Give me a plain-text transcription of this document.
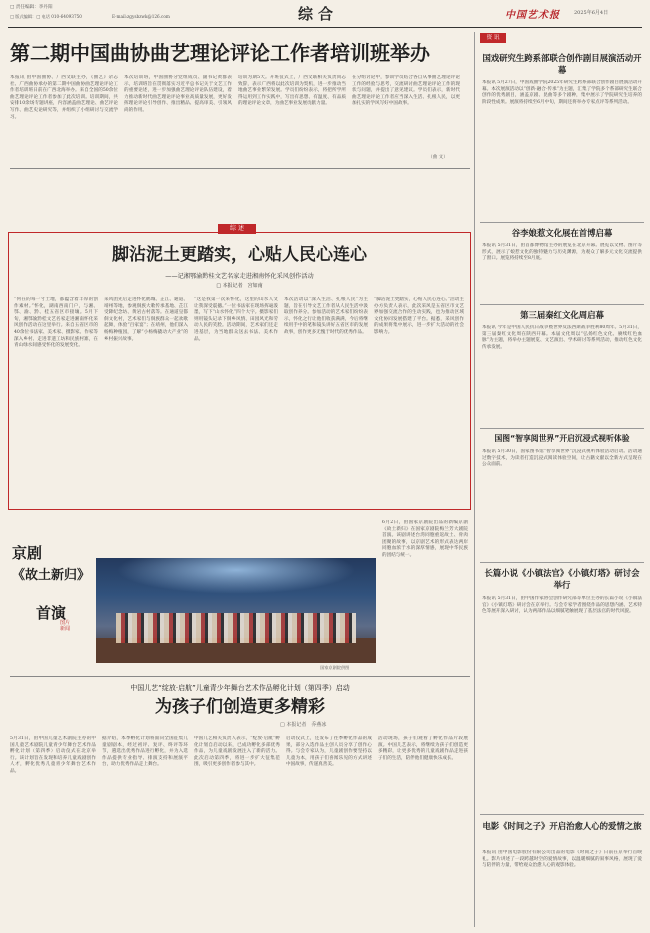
□ 责任编辑：李丹阳
□ 版式编辑：□ 电话 010-64093750	E-mail:zgysbzwk@126.com	综合	中国艺术报	2025年6月4日
第二期中国曲协曲艺理论评论工作者培训班举办
本报讯 由中国曲协、广西文联主办，《曲艺》杂志社、广西曲协承办的第二期中国曲协曲艺理论评论工作者培训班日前在广西北海举办。来自全国的50余位曲艺理论评论工作者参加了此次培训。培训期间，共安排10余场专题讲座，内容涵盖曲艺理论、曲艺评论写作、曲艺史论研究等，并组织了小组研讨与交流学习。
本次培训班，中国曲协分党组成员、副书记黄群表示，培训班旨在贯彻落实习近平总书记关于文艺工作的重要论述，进一步加强曲艺理论评论队伍建设，着力推动新时代曲艺理论评论事业高质量发展，更好发挥理论评论引导创作、推出精品、提高审美、引领风尚的作用。
培训为期5天。开班仪式上，广西文联相关负责同志致辞，表示广西将以此次培训为契机，进一步推动当地曲艺事业繁荣发展。学员们纷纷表示，将把所学所得运用到工作实践中，写出有思想、有温度、有品质的理论评论文章，为曲艺事业发展贡献力量。
在分组讨论中，参训学员结合各自从事曲艺理论评论工作的经验与思考，交流研讨曲艺理论评论工作的现状与问题，并提出了意见建议。学员们表示，新时代曲艺理论评论工作者应当深入生活、扎根人民，以更加扎实的学风写好中国故事。
（曲 文）
综 述
脚沾泥土更踏实，心贴人民心连心
——记湘鄂渝黔桂文艺名家走进湘南怀化采风创作活动
□ 本报记者　宫如南
“何在的每一寸土地，都蕴含着丰厚的创作素材。”怀化，湖南西南门户，与湘、鄂、渝、黔、桂五省区市接壤。5月下旬，湘鄂渝黔桂文艺名家走进湘南怀化采风创作活动在这里举行。来自五省区市的40余位书法家、美术家、摄影家、作家等深入乡村、走进非遗工坊和民族村寨，在青山绿水间感受怀化的发展变化。
采风团先后走进怀化鹤城、芷江、通道、靖州等地，参观侗族大歌传承基地、芷江受降纪念坊、黄岩古村落等。在通道皇都侗文化村，艺术家们与侗族群众一起欢歌起舞，体验“百家宴”；在靖州，他们深入杨梅种植园，了解“小杨梅撬动大产业”的乡村振兴故事。
“这是我第一次来怀化，这里的山水人文让我深受震撼。”一位书法家在现场挥毫泼墨，写下“山水怀化”四个大字。摄影家们则用镜头记录下侗乡风情、田园风光和劳动人民的笑脸。活动期间，艺术家们还走进基层，为当地群众送去书法、美术作品。
本次活动以“深入生活、扎根人民”为主题，旨在引导文艺工作者从人民生活中汲取创作养分。参加活动的艺术家们纷纷表示，怀化之行让他们收获满满，今后将继续用手中的笔和镜头讲好五省区市的发展故事，创作更多无愧于时代的优秀作品。
“脚沾泥土更踏实，心贴人民心连心。”活动主办方负责人表示，此次采风是五省区市文艺界加强交流合作的生动实践，也为推动区域文化协同发展搭建了平台。据悉，采风创作的成果将集中展示，进一步扩大活动的社会影响力。
京剧
《故土新归》
首演
图片新闻
国家京剧院供图
6月2日，由国家京剧院出品的新编京剧《故土新归》在国家京剧院梅兰芳大剧院首演。该剧讲述台湾同胞重返故土、骨肉团聚的故事，以京剧艺术的形式表达两岸同胞血浓于水的深厚情感，展现中华民族的团结与统一。
中国儿艺“绽放·启航”儿童青少年舞台艺术作品孵化计划（第四季）启动
为孩子们创造更多精彩
□ 本报记者　乔燕冰
5月31日，由中国儿童艺术剧院主办的中国儿童艺术剧院儿童青少年舞台艺术作品孵化计划（第四季）启动仪式在北京举行。该计划旨在发现和培养儿童戏剧创作人才，孵化优秀儿童青少年舞台艺术作品。
据介绍，本季孵化计划将面向全国征集儿童剧剧本，经过初评、复评、终评等环节，遴选出优秀作品进行孵化，并为入选作品提供专业指导、排演支持和展演平台，助力优秀作品走上舞台。
中国儿艺相关负责人表示，“绽放·启航”孵化计划自启动以来，已成功孵化多部优秀作品，为儿童戏剧发展注入了新的活力。此次启动第四季，将进一步扩大征集范围，吸引更多创作者参与其中。
启动仪式上，还发布了往季孵化作品的成果，部分入选作品主创人员分享了创作心得。与会专家认为，儿童剧创作要坚持以儿童为本，用孩子们喜闻乐见的方式讲述中国故事，传递真善美。
活动现场，孩子们观看了孵化作品片段展演。中国儿艺表示，将继续为孩子们创造更多精彩，让更多优秀的儿童戏剧作品走进孩子们的生活，陪伴他们健康快乐成长。
资 讯
国戏研究生跨系部联合创作剧目展演活动开幕
本报讯 5月27日，中国戏曲学院2025年研究生跨系部联合创作剧目展演活动开幕。本次展演活动以“创新·融合·传承”为主题，汇集了学院多个系部研究生联合创作的优秀剧目，涵盖京剧、昆曲等多个剧种，集中展示了学院研究生培养的阶段性成果。展演将持续至6月中旬，期间还将举办专家点评等系列活动。
谷李娘惹文化展在首博启幕
本报讯 5月31日，由首都博物馆主办的展览在北京开幕。展览以文物、图片等形式，展示了娘惹文化的独特魅力与历史渊源，为观众了解多元文化交流提供了窗口。展览将持续至8月底。
第三届秦红文化周启幕
本报讯 今年是中国人民抗日战争暨世界反法西斯战争胜利80周年。5月31日，第三届秦红文化周在陕西开幕。本届文化周以“弘扬红色文化、赓续红色血脉”为主题，将举办主题展览、文艺演出、学术研讨等系列活动，推动红色文化传承发展。
国图“智享阅世界”开启沉浸式视听体验
本报讯 5月30日，国家图书馆“智享阅世界”沉浸式视听体验活动启动。活动通过数字技术，为读者打造沉浸式阅读体验空间，让古籍文献以全新方式呈现在公众面前。
长篇小说《小镇法官》《小镇灯塔》研讨会举行
本报讯 5月31日，由中国作家协会创作研究部等单位主办的长篇小说《小镇法官》《小镇灯塔》研讨会在京举行。与会专家学者围绕作品的思想内涵、艺术特色等展开深入研讨，认为两部作品以细腻笔触展现了基层法官的时代风貌。
电影《时间之子》开启治愈人心的爱情之旅
本报讯 由中国电影股份有限公司出品的电影《时间之子》日前在京举行首映礼。影片讲述了一段跨越时空的爱情故事，以温暖细腻的叙事风格，展现了爱与陪伴的力量，带给观众治愈人心的观影体验。
